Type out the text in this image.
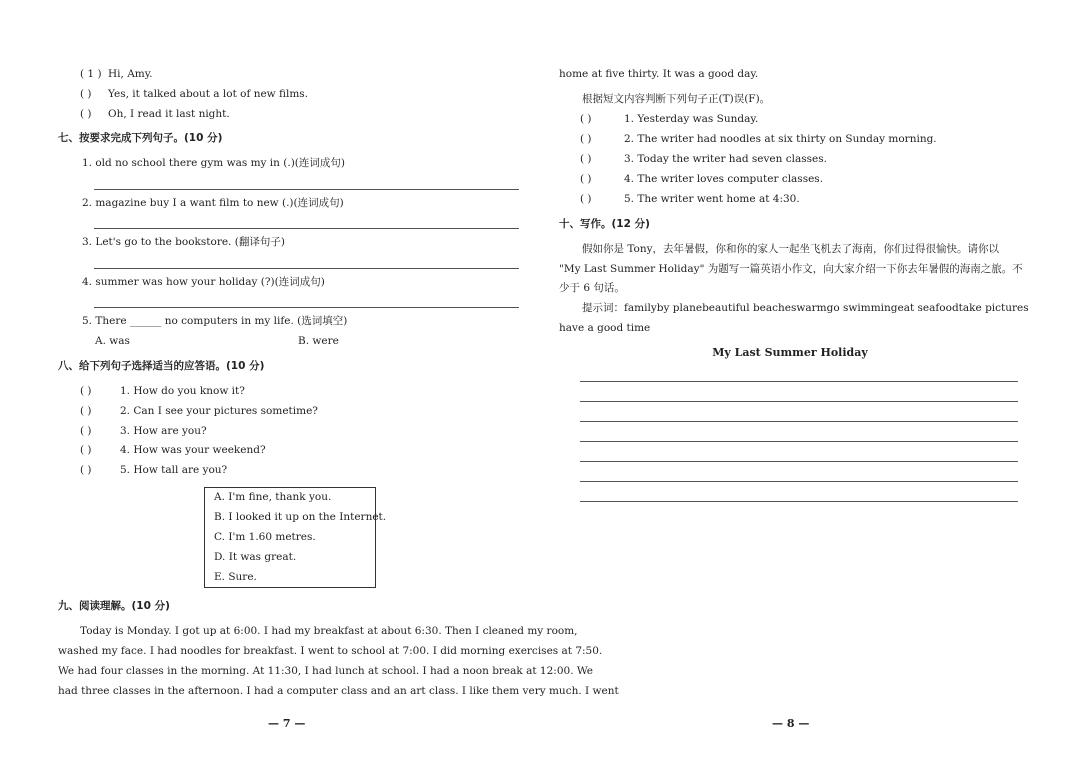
( 1 ) Hi, Amy.
( ) Yes, it talked about a lot of new films.
( ) Oh, I read it last night.
七、按要求完成下列句子。(10 分)
1. old no school there gym was my in (.)(连词成句)
2. magazine buy I a want film to new (.)(连词成句)
3. Let's go to the bookstore. (翻译句子)
4. summer was how your holiday (?)(连词成句)
5. There ______ no computers in my life. (选词填空)
A. was	B. were
八、给下列句子选择适当的应答语。(10 分)
( )	1. How do you know it?
( )	2. Can I see your pictures sometime?
( )	3. How are you?
( )	4. How was your weekend?
( )	5. How tall are you?
A. I'm fine, thank you.
B. I looked it up on the Internet.
C. I'm 1.60 metres.
D. It was great.
E. Sure.
九、阅读理解。(10 分)
Today is Monday. I got up at 6:00. I had my breakfast at about 6:30. Then I cleaned my room,
washed my face. I had noodles for breakfast. I went to school at 7:00. I did morning exercises at 7:50.
We had four classes in the morning. At 11:30, I had lunch at school. I had a noon break at 12:00. We
had three classes in the afternoon. I had a computer class and an art class. I like them very much. I went
— 7 —
home at five thirty. It was a good day.
根据短文内容判断下列句子正(T)误(F)。
( )	1. Yesterday was Sunday.
( )	2. The writer had noodles at six thirty on Sunday morning.
( )	3. Today the writer had seven classes.
( )	4. The writer loves computer classes.
( )	5. The writer went home at 4:30.
十、写作。(12 分)
假如你是 Tony，去年暑假，你和你的家人一起坐飞机去了海南，你们过得很愉快。请你以
"My Last Summer Holiday" 为题写一篇英语小作文，向大家介绍一下你去年暑假的海南之旅。不
少于 6 句话。
提示词： family by plane beautiful beaches warm go swimming eat seafood take pictures
have a good time
My Last Summer Holiday
— 8 —
